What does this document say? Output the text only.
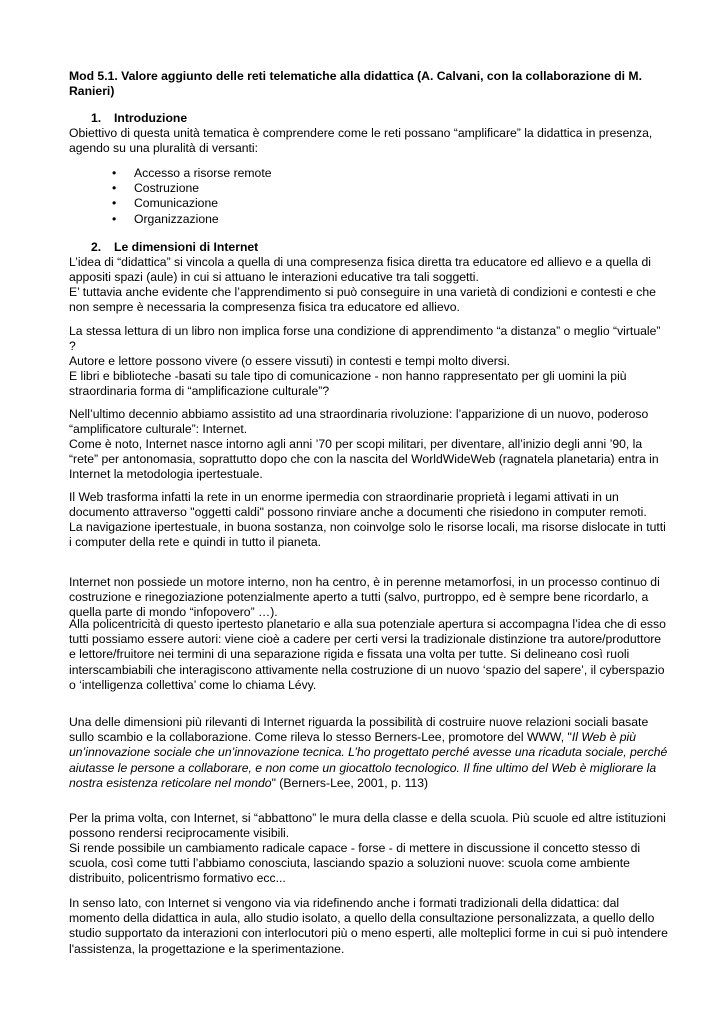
Mod 5.1. Valore aggiunto delle reti telematiche alla didattica (A. Calvani, con la collaborazione di M. Ranieri)

1. Introduzione

Obiettivo di questa unità tematica è comprendere come le reti possano “amplificare” la didattica in presenza, agendo su una pluralità di versanti:

• Accesso a risorse remote
• Costruzione
• Comunicazione
• Organizzazione
2. Le dimensioni di Internet

L’idea di “didattica” si vincola a quella di una compresenza fisica diretta tra educatore ed allievo e a quella di appositi spazi (aule) in cui si attuano le interazioni educative tra tali soggetti.

E’ tuttavia anche evidente che l’apprendimento si può conseguire in una varietà di condizioni e contesti e che non sempre è necessaria la compresenza fisica tra educatore ed allievo.

La stessa lettura di un libro non implica forse una condizione di apprendimento “a distanza” o meglio “virtuale” ?

Autore e lettore possono vivere (o essere vissuti) in contesti e tempi molto diversi.

E libri e biblioteche -basati su tale tipo di comunicazione - non hanno rappresentato per gli uomini la più straordinaria forma di “amplificazione culturale”?

Nell’ultimo decennio abbiamo assistito ad una straordinaria rivoluzione: l’apparizione di un nuovo, poderoso “amplificatore culturale”: Internet.

Come è noto, Internet nasce intorno agli anni ’70 per scopi militari, per diventare, all’inizio degli anni ’90, la “rete” per antonomasia, soprattutto dopo che con la nascita del WorldWideWeb (ragnatela planetaria) entra in Internet la metodologia ipertestuale.

Il Web trasforma infatti la rete in un enorme ipermedia con straordinarie proprietà i legami attivati in un documento attraverso "oggetti caldi" possono rinviare anche a documenti che risiedono in computer remoti.

La navigazione ipertestuale, in buona sostanza, non coinvolge solo le risorse locali, ma risorse dislocate in tutti i computer della rete e quindi in tutto il pianeta.

Internet non possiede un motore interno, non ha centro, è in perenne metamorfosi, in un processo continuo di costruzione e rinegoziazione potenzialmente aperto a tutti (salvo, purtroppo, ed è sempre bene ricordarlo, a quella parte di mondo “infopovero” …).

Alla policentricità di questo ipertesto planetario e alla sua potenziale apertura si accompagna l’idea che di esso tutti possiamo essere autori: viene cioè a cadere per certi versi la tradizionale distinzione tra autore/produttore e lettore/fruitore nei termini di una separazione rigida e fissata una volta per tutte. Si delineano così ruoli interscambiabili che interagiscono attivamente nella costruzione di un nuovo ‘spazio del sapere’, il cyberspazio o ‘intelligenza collettiva’ come lo chiama Lévy.

Una delle dimensioni più rilevanti di Internet riguarda la possibilità di costruire nuove relazioni sociali basate sullo scambio e la collaborazione. Come rileva lo stesso Berners-Lee, promotore del WWW, "Il Web è più un’innovazione sociale che un’innovazione tecnica. L’ho progettato perché avesse una ricaduta sociale, perché aiutasse le persone a collaborare, e non come un giocattolo tecnologico. Il fine ultimo del Web è migliorare la nostra esistenza reticolare nel mondo" (Berners-Lee, 2001, p. 113)

Per la prima volta, con Internet, si “abbattono” le mura della classe e della scuola. Più scuole ed altre istituzioni possono rendersi reciprocamente visibili.

Si rende possibile un cambiamento radicale capace - forse - di mettere in discussione il concetto stesso di scuola, così come tutti l’abbiamo conosciuta, lasciando spazio a soluzioni nuove: scuola come ambiente distribuito, policentrismo formativo ecc...

In senso lato, con Internet si vengono via via ridefinendo anche i formati tradizionali della didattica: dal momento della didattica in aula, allo studio isolato, a quello della consultazione personalizzata, a quello dello studio supportato da interazioni con interlocutori più o meno esperti, alle molteplici forme in cui si può intendere l'assistenza, la progettazione e la sperimentazione.
